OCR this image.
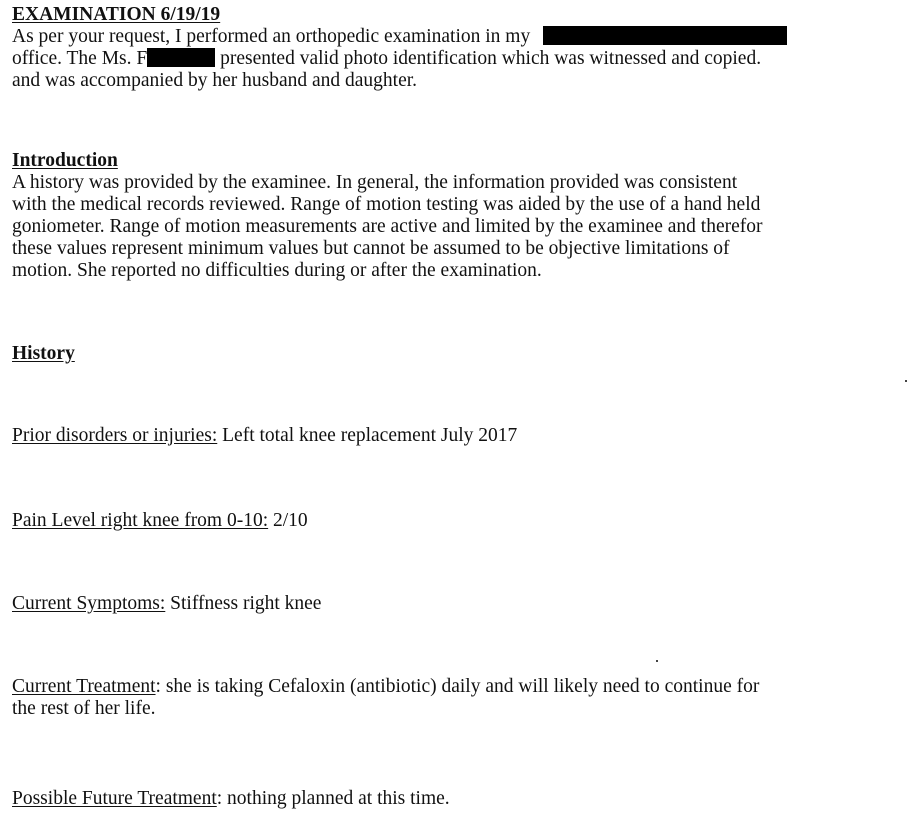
EXAMINATION 6/19/19

As per your request, I performed an orthopedic examination in my

office. The Ms. F	presented valid photo identification which was witnessed and copied.

and was accompanied by her husband and daughter.

Introduction

A history was provided by the examinee. In general, the information provided was consistent

with the medical records reviewed. Range of motion testing was aided by the use of a hand held

goniometer. Range of motion measurements are active and limited by the examinee and therefor

these values represent minimum values but cannot be assumed to be objective limitations of

motion. She reported no difficulties during or after the examination.

History

Prior disorders or injuries: Left total knee replacement July 2017

Pain Level right knee from 0-10: 2/10

Current Symptoms: Stiffness right knee

Current Treatment: she is taking Cefaloxin (antibiotic) daily and will likely need to continue for

the rest of her life.

Possible Future Treatment: nothing planned at this time.
